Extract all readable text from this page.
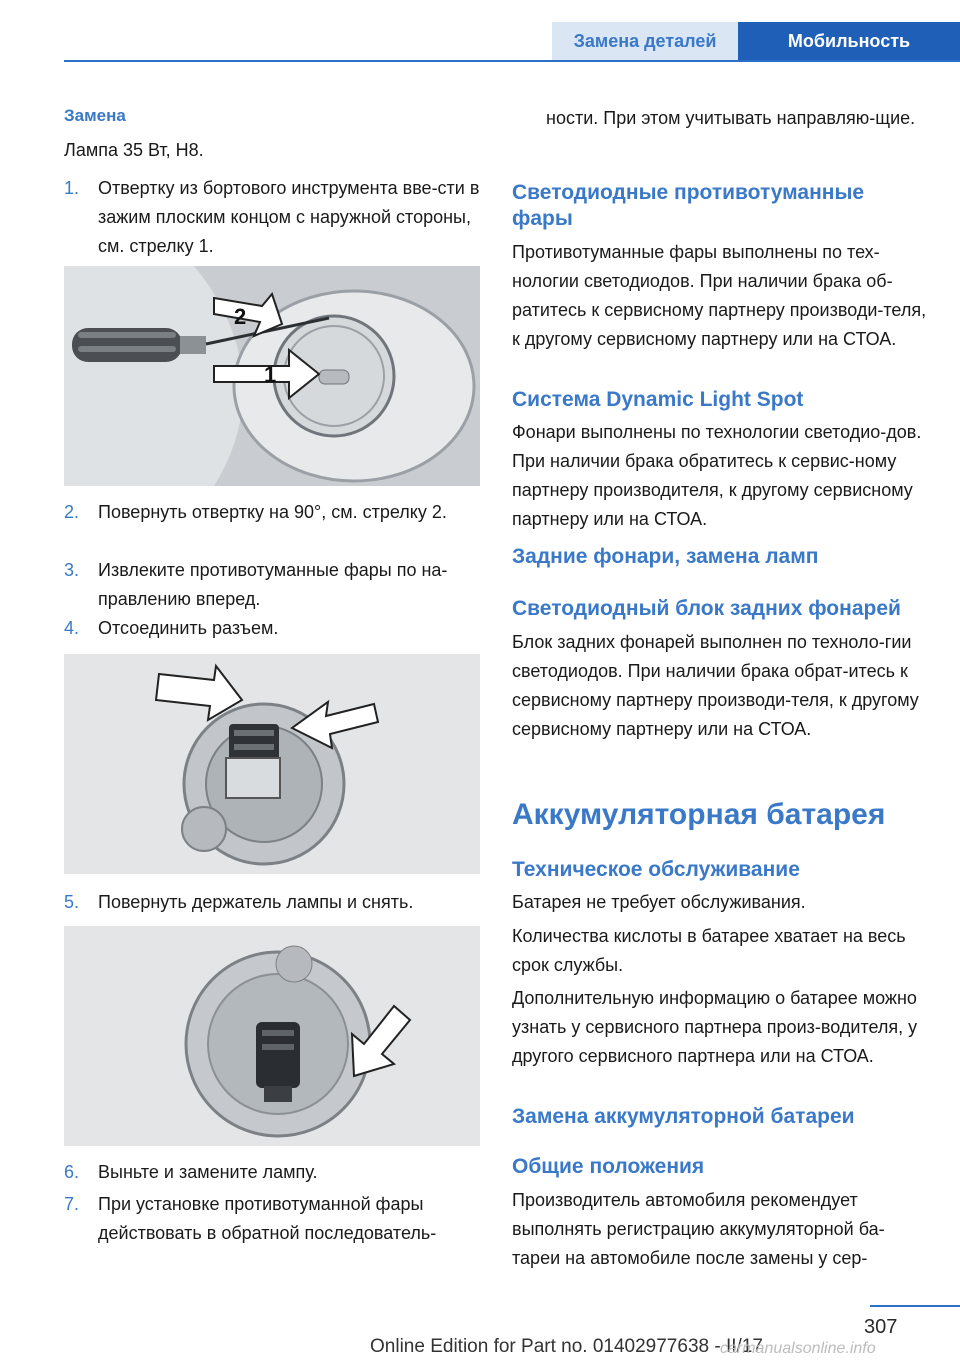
Замена деталей	Мобильность
Замена
Лампа 35 Вт, H8.
1. Отвертку из бортового инструмента вве-сти в зажим плоским концом с наружной стороны, см. стрелку 1.
2
1
2. Повернуть отвертку на 90°, см. стрелку 2.
3. Извлеките противотуманные фары по на-правлению вперед.
4. Отсоединить разъем.
5. Повернуть держатель лампы и снять.
6. Выньте и замените лампу.
7. При установке противотуманной фары действовать в обратной последователь-
ности. При этом учитывать направляю-щие.
Светодиодные противотуманные фары
Противотуманные фары выполнены по тех-нологии светодиодов. При наличии брака об-ратитесь к сервисному партнеру производи-теля, к другому сервисному партнеру или на СТОА.
Система Dynamic Light Spot
Фонари выполнены по технологии светодио-дов. При наличии брака обратитесь к сервис-ному партнеру производителя, к другому сервисному партнеру или на СТОА.
Задние фонари, замена ламп
Светодиодный блок задних фонарей
Блок задних фонарей выполнен по техноло-гии светодиодов. При наличии брака обрат-итесь к сервисному партнеру производи-теля, к другому сервисному партнеру или на СТОА.
Аккумуляторная батарея
Техническое обслуживание
Батарея не требует обслуживания.
Количества кислоты в батарее хватает на весь срок службы.
Дополнительную информацию о батарее можно узнать у сервисного партнера произ-водителя, у другого сервисного партнера или на СТОА.
Замена аккумуляторной батареи
Общие положения
Производитель автомобиля рекомендует выполнять регистрацию аккумуляторной ба-тареи на автомобиле после замены у сер-
307
Online Edition for Part no. 01402977638 - II/17
carmanualsonline.info
